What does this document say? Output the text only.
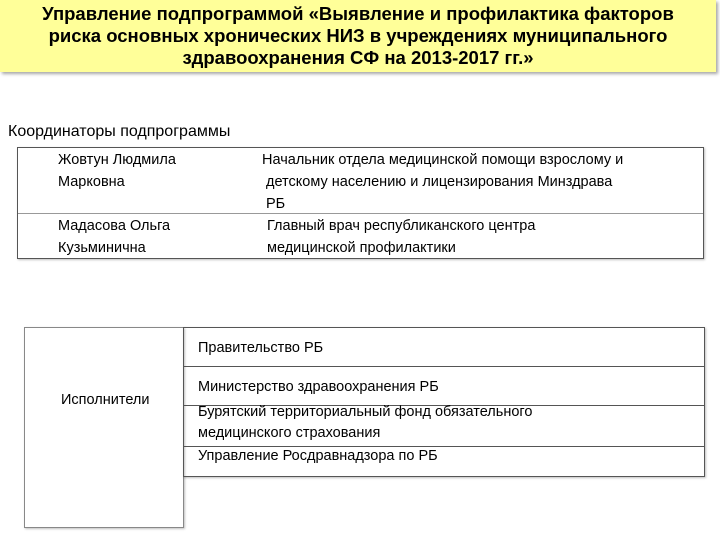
Управление подпрограммой «Выявление и профилактика факторов
риска основных хронических НИЗ в учреждениях муниципального
здравоохранения СФ на 2013-2017 гг.»
Координаторы подпрограммы
Жовтун Людмила
Марковна
Начальник отдела медицинской помощи взрослому и
детскому населению и лицензирования Минздрава
РБ
Мадасова Ольга
Кузьминична
Главный врач республиканского центра
медицинской профилактики
Исполнители
Правительство РБ
Министерство здравоохранения РБ
Бурятский территориальный фонд обязательного
медицинского страхования
Управление Росдравнадзора по РБ
